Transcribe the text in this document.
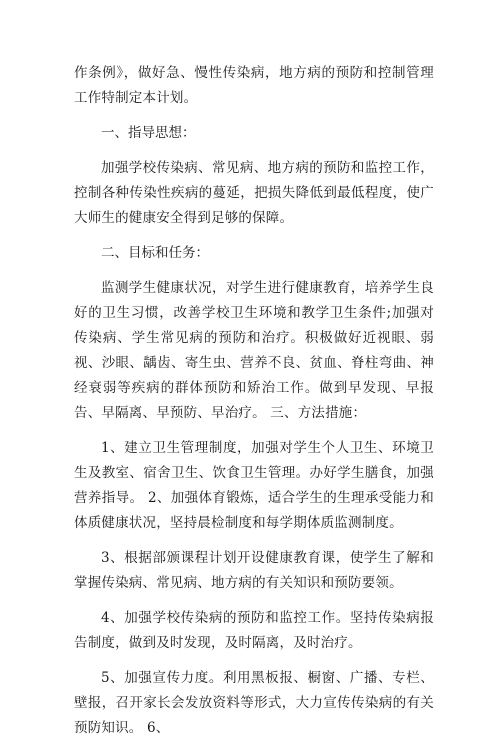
作条例》，做好急、慢性传染病，地方病的预防和控制管理工作特制定本计划。

一、指导思想：

加强学校传染病、常见病、地方病的预防和监控工作，控制各种传染性疾病的蔓延，把损失降低到最低程度，使广大师生的健康安全得到足够的保障。

二、目标和任务：

监测学生健康状况，对学生进行健康教育，培养学生良好的卫生习惯，改善学校卫生环境和教学卫生条件;加强对传染病、学生常见病的预防和治疗。积极做好近视眼、弱视、沙眼、龋齿、寄生虫、营养不良、贫血、脊柱弯曲、神经衰弱等疾病的群体预防和矫治工作。做到早发现、早报告、早隔离、早预防、早治疗。 三、方法措施：

1、建立卫生管理制度，加强对学生个人卫生、环境卫生及教室、宿舍卫生、饮食卫生管理。办好学生膳食，加强营养指导。 2、加强体育锻炼，适合学生的生理承受能力和体质健康状况，坚持晨检制度和每学期体质监测制度。

3、根据部颁课程计划开设健康教育课，使学生了解和掌握传染病、常见病、地方病的有关知识和预防要领。

4、加强学校传染病的预防和监控工作。坚持传染病报告制度，做到及时发现，及时隔离，及时治疗。

5、加强宣传力度。利用黑板报、橱窗、广播、专栏、壁报，召开家长会发放资料等形式，大力宣传传染病的有关预防知识。 6、
